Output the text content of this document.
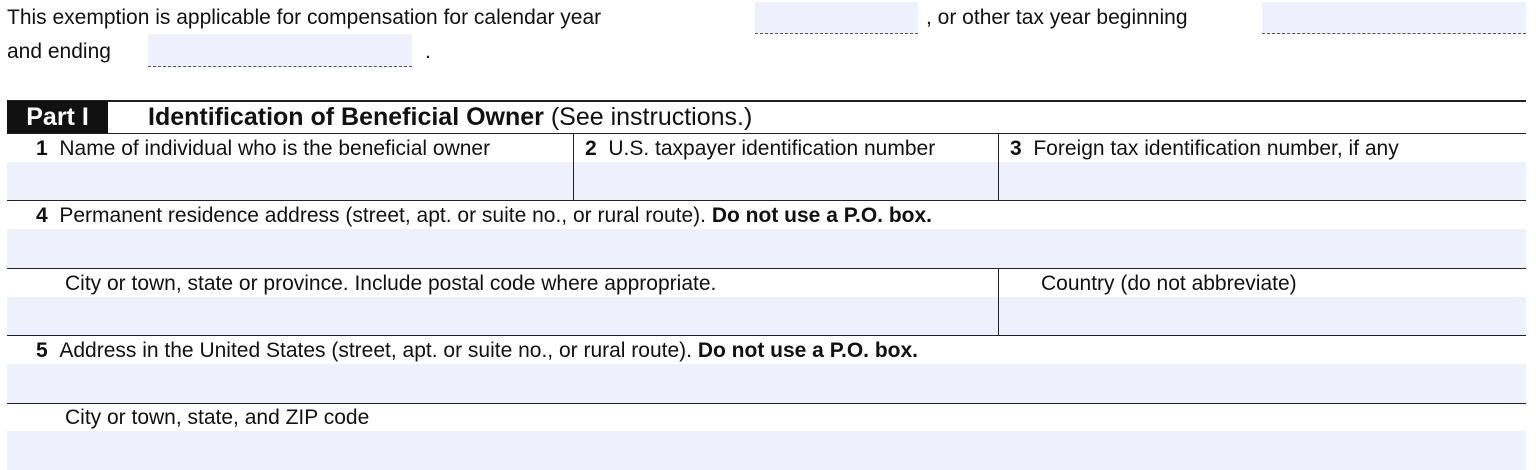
This exemption is applicable for compensation for calendar year	, or other tax year beginning
and ending	.
Part I	Identification of Beneficial Owner (See instructions.)
1 Name of individual who is the beneficial owner	2 U.S. taxpayer identification number	3 Foreign tax identification number, if any
4 Permanent residence address (street, apt. or suite no., or rural route). Do not use a P.O. box.
City or town, state or province. Include postal code where appropriate.	Country (do not abbreviate)
5 Address in the United States (street, apt. or suite no., or rural route). Do not use a P.O. box.
City or town, state, and ZIP code
